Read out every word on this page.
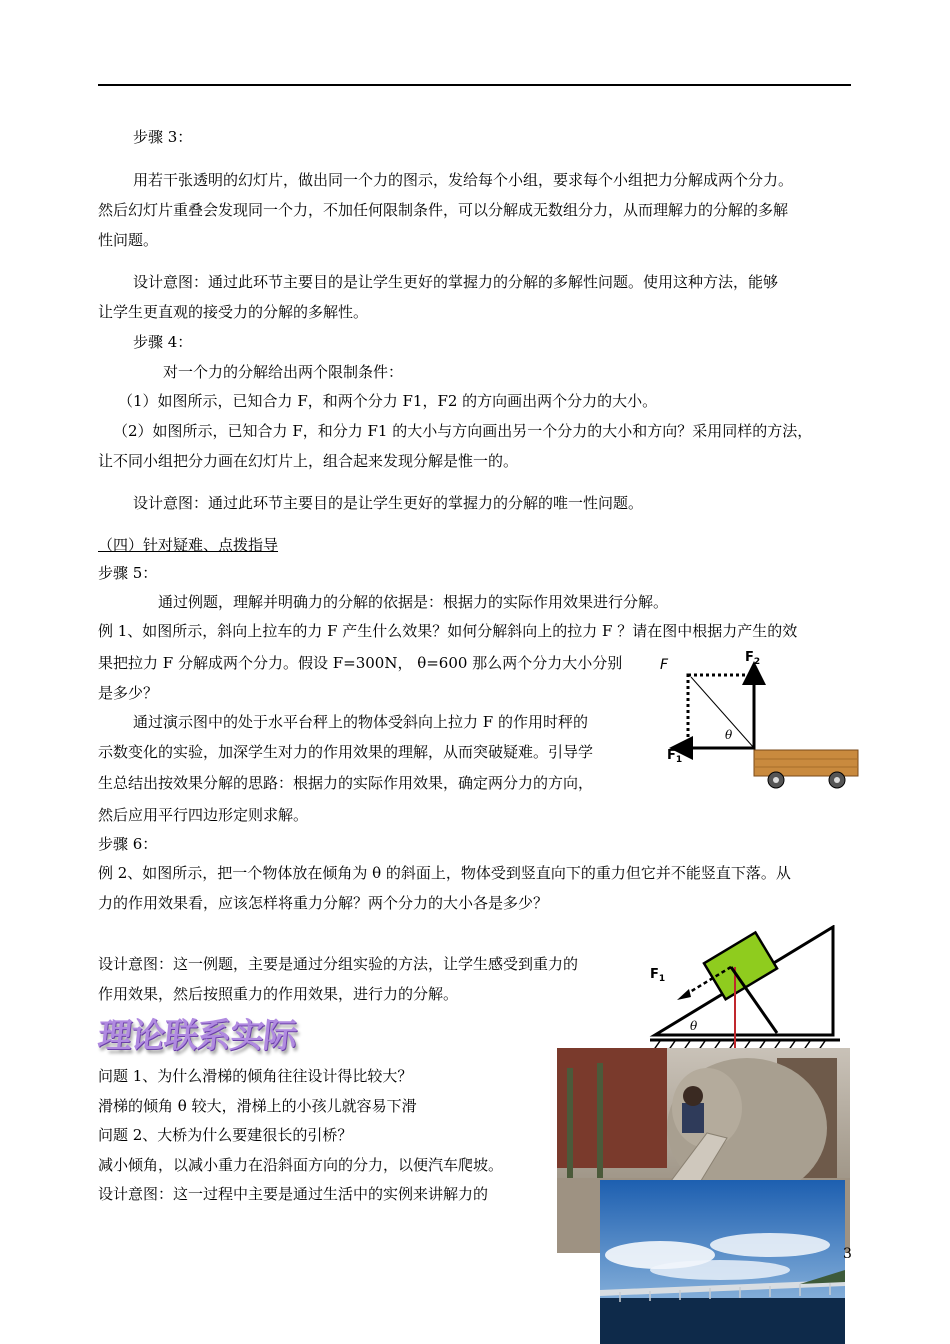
步骤 3：
用若干张透明的幻灯片，做出同一个力的图示，发给每个小组，要求每个小组把力分解成两个分力。
然后幻灯片重叠会发现同一个力，不加任何限制条件，可以分解成无数组分力，从而理解力的分解的多解
性问题。
设计意图：通过此环节主要目的是让学生更好的掌握力的分解的多解性问题。使用这种方法，能够
让学生更直观的接受力的分解的多解性。
步骤 4：
对一个力的分解给出两个限制条件：
（1）如图所示，已知合力 F，和两个分力 F1，F2 的方向画出两个分力的大小。
（2）如图所示，已知合力 F，和分力 F1 的大小与方向画出另一个分力的大小和方向？采用同样的方法，
让不同小组把分力画在幻灯片上，组合起来发现分解是惟一的。
设计意图：通过此环节主要目的是让学生更好的掌握力的分解的唯一性问题。
（四）针对疑难、点拨指导
步骤 5：
通过例题，理解并明确力的分解的依据是：根据力的实际作用效果进行分解。
例 1、如图所示，斜向上拉车的力 F 产生什么效果？如何分解斜向上的拉力 F ？请在图中根据力产生的效
果把拉力 F 分解成两个分力。假设 F=300N， θ=600 那么两个分力大小分别
是多少？
通过演示图中的处于水平台秤上的物体受斜向上拉力 F 的作用时秤的
示数变化的实验，加深学生对力的作用效果的理解，从而突破疑难。引导学
生总结出按效果分解的思路：根据力的实际作用效果，确定两分力的方向，
然后应用平行四边形定则求解。
步骤 6：
例 2、如图所示，把一个物体放在倾角为 θ 的斜面上，物体受到竖直向下的重力但它并不能竖直下落。从
力的作用效果看，应该怎样将重力分解？两个分力的大小各是多少？
设计意图：这一例题，主要是通过分组实验的方法，让学生感受到重力的
作用效果，然后按照重力的作用效果，进行力的分解。
理论联系实际
问题 1、为什么滑梯的倾角往往设计得比较大？
滑梯的倾角 θ 较大，滑梯上的小孩儿就容易下滑
问题 2、大桥为什么要建很长的引桥？
减小倾角，以减小重力在沿斜面方向的分力，以便汽车爬坡。
设计意图：这一过程中主要是通过生活中的实例来讲解力的
F	$F_2$
$F_1$
θ
$F_1$
θ
3
